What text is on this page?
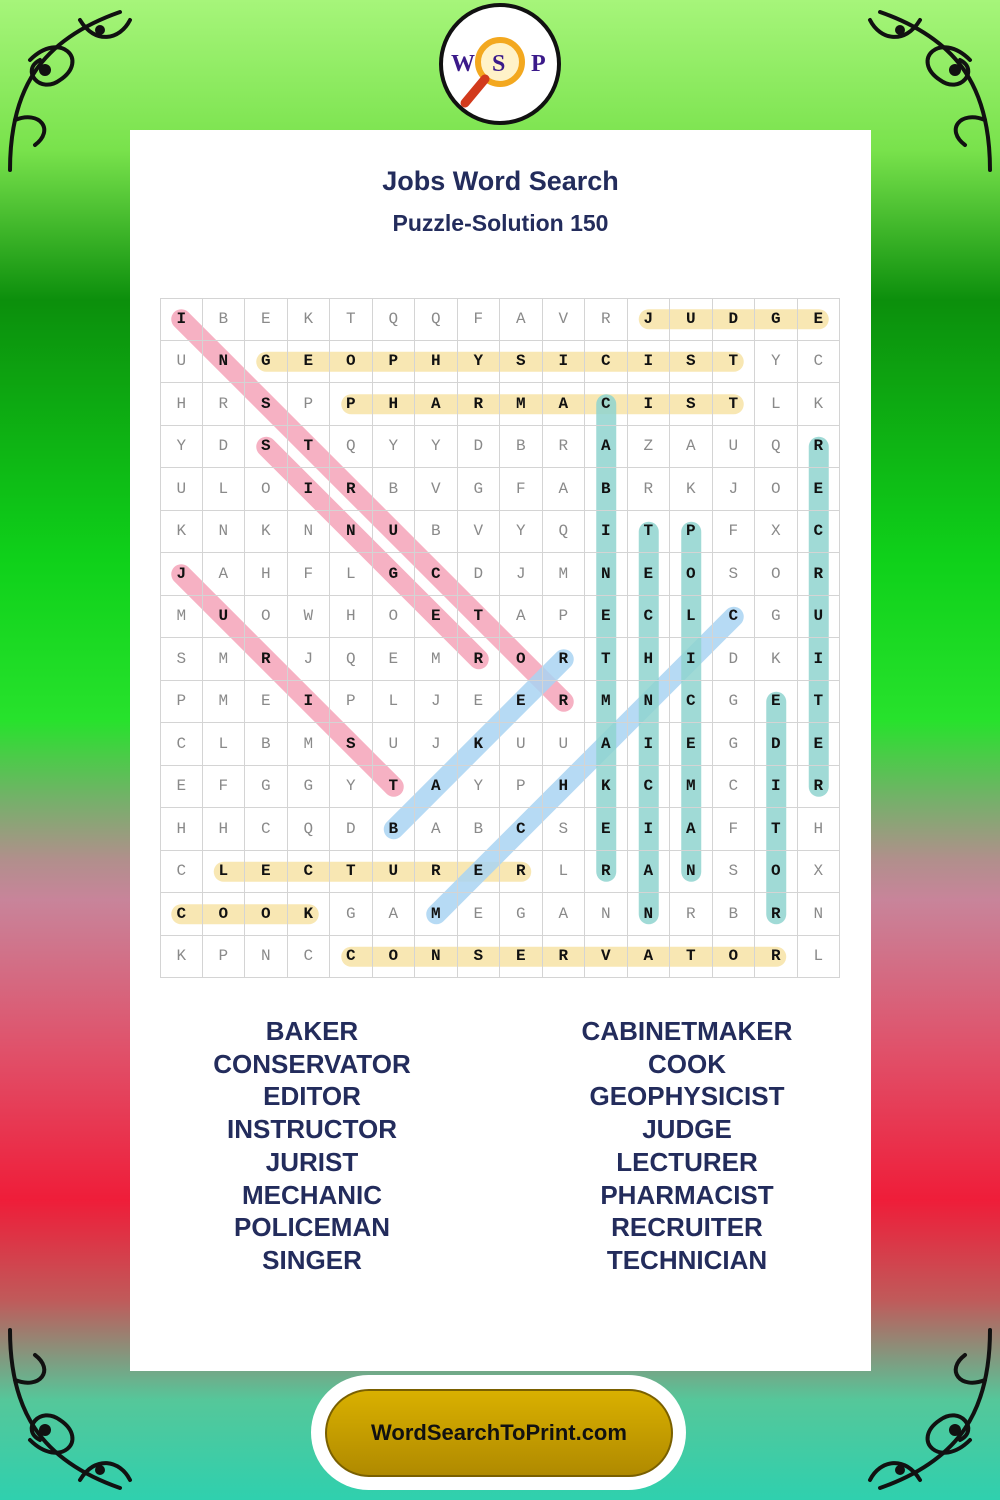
W S P
Jobs Word Search
Puzzle-Solution 150
I	B	E	K	T	Q	Q	F	A	V	R	J	U	D	G	E
U	N	G	E	O	P	H	Y	S	I	C	I	S	T	Y	C
H	R	S	P	P	H	A	R	M	A	C	I	S	T	L	K
Y	D	S	T	Q	Y	Y	D	B	R	A	Z	A	U	Q	R
U	L	O	I	R	B	V	G	F	A	B	R	K	J	O	E
K	N	K	N	N	U	B	V	Y	Q	I	T	P	F	X	C
J	A	H	F	L	G	C	D	J	M	N	E	O	S	O	R
M	U	O	W	H	O	E	T	A	P	E	C	L	C	G	U
S	M	R	J	Q	E	M	R	O	R	T	H	I	D	K	I
P	M	E	I	P	L	J	E	E	R	M	N	C	G	E	T
C	L	B	M	S	U	J	K	U	U	A	I	E	G	D	E
E	F	G	G	Y	T	A	Y	P	H	K	C	M	C	I	R
H	H	C	Q	D	B	A	B	C	S	E	I	A	F	T	H
C	L	E	C	T	U	R	E	R	L	R	A	N	S	O	X
C	O	O	K	G	A	M	E	G	A	N	N	R	B	R	N
K	P	N	C	C	O	N	S	E	R	V	A	T	O	R	L
BAKER
CONSERVATOR
EDITOR
INSTRUCTOR
JURIST
MECHANIC
POLICEMAN
SINGER
CABINETMAKER
COOK
GEOPHYSICIST
JUDGE
LECTURER
PHARMACIST
RECRUITER
TECHNICIAN
WordSearchToPrint.com
